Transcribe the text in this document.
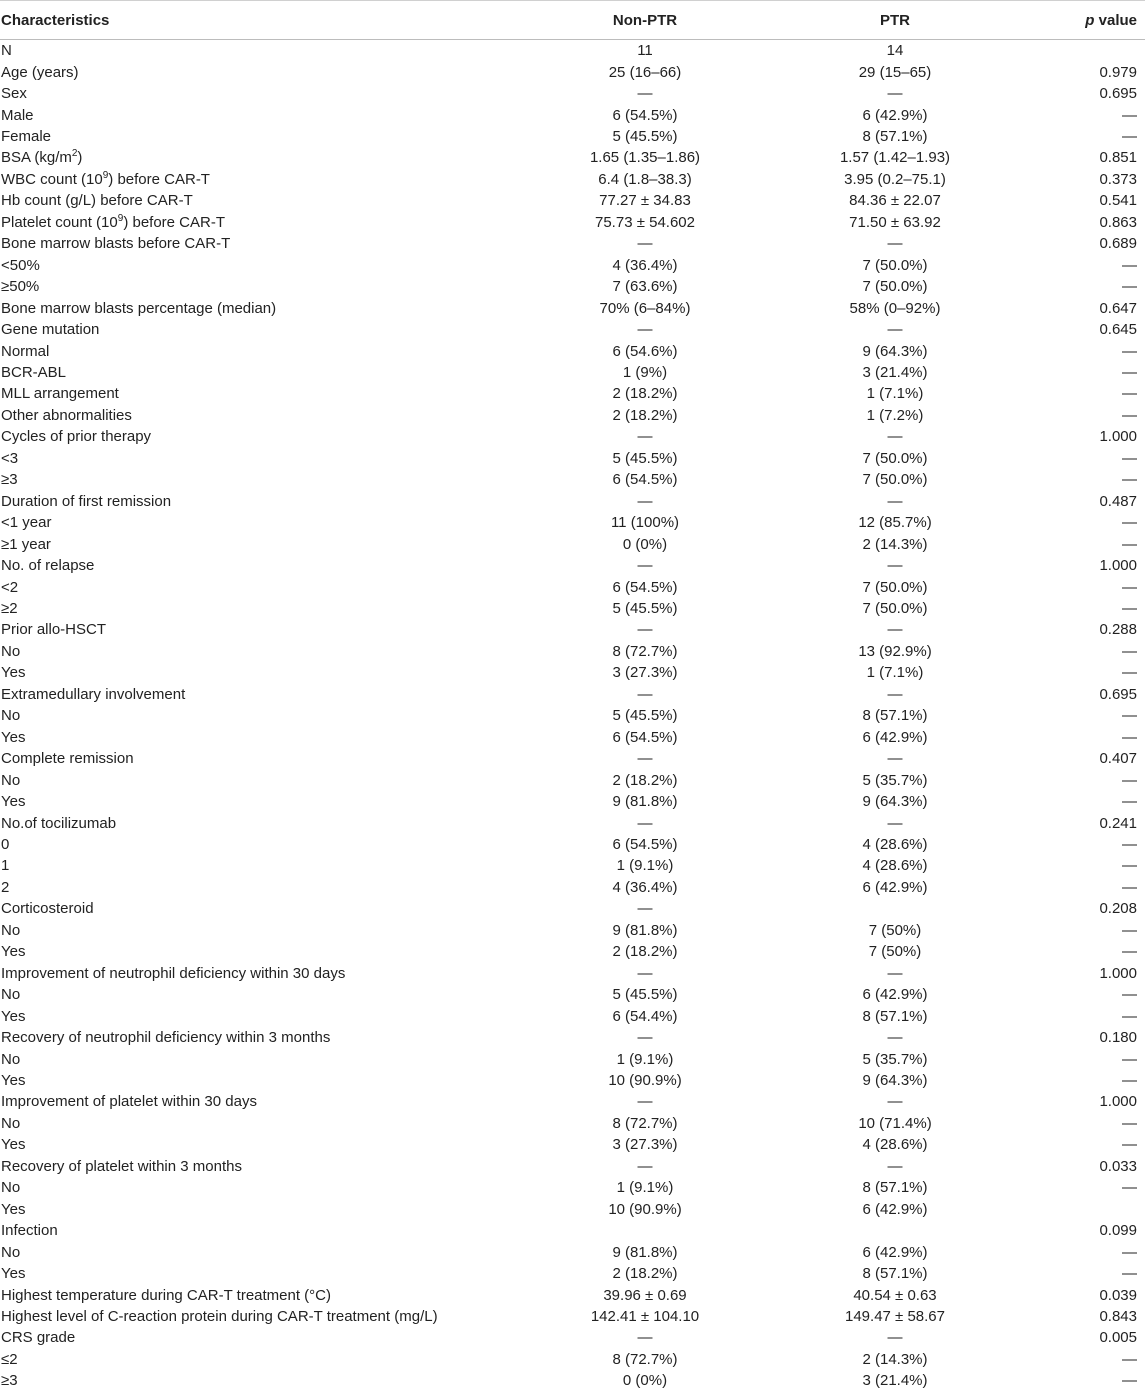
Characteristics	Non-PTR	PTR	p value
N	11	14	
Age (years)	25 (16–66)	29 (15–65)	0.979
Sex	—	—	0.695
Male	6 (54.5%)	6 (42.9%)	—
Female	5 (45.5%)	8 (57.1%)	—
BSA $(kg/m^2)$	1.65 (1.35–1.86)	1.57 (1.42–1.93)	0.851
WBC count $(10^9)$ before CAR-T	6.4 (1.8–38.3)	3.95 (0.2–75.1)	0.373
Hb count (g/L) before CAR-T	77.27 ± 34.83	84.36 ± 22.07	0.541
Platelet count $(10^9)$ before CAR-T	75.73 ± 54.602	71.50 ± 63.92	0.863
Bone marrow blasts before CAR-T	—	—	0.689
<50%	4 (36.4%)	7 (50.0%)	—
≥50%	7 (63.6%)	7 (50.0%)	—
Bone marrow blasts percentage (median)	70% (6–84%)	58% (0–92%)	0.647
Gene mutation	—	—	0.645
Normal	6 (54.6%)	9 (64.3%)	—
BCR-ABL	1 (9%)	3 (21.4%)	—
MLL arrangement	2 (18.2%)	1 (7.1%)	—
Other abnormalities	2 (18.2%)	1 (7.2%)	—
Cycles of prior therapy	—	—	1.000
<3	5 (45.5%)	7 (50.0%)	—
≥3	6 (54.5%)	7 (50.0%)	—
Duration of first remission	—	—	0.487
<1 year	11 (100%)	12 (85.7%)	—
≥1 year	0 (0%)	2 (14.3%)	—
No. of relapse	—	—	1.000
<2	6 (54.5%)	7 (50.0%)	—
≥2	5 (45.5%)	7 (50.0%)	—
Prior allo-HSCT	—	—	0.288
No	8 (72.7%)	13 (92.9%)	—
Yes	3 (27.3%)	1 (7.1%)	—
Extramedullary involvement	—	—	0.695
No	5 (45.5%)	8 (57.1%)	—
Yes	6 (54.5%)	6 (42.9%)	—
Complete remission	—	—	0.407
No	2 (18.2%)	5 (35.7%)	—
Yes	9 (81.8%)	9 (64.3%)	—
No.of tocilizumab	—	—	0.241
0	6 (54.5%)	4 (28.6%)	—
1	1 (9.1%)	4 (28.6%)	—
2	4 (36.4%)	6 (42.9%)	—
Corticosteroid	—		0.208
No	9 (81.8%)	7 (50%)	—
Yes	2 (18.2%)	7 (50%)	—
Improvement of neutrophil deficiency within 30 days	—	—	1.000
No	5 (45.5%)	6 (42.9%)	—
Yes	6 (54.4%)	8 (57.1%)	—
Recovery of neutrophil deficiency within 3 months	—	—	0.180
No	1 (9.1%)	5 (35.7%)	—
Yes	10 (90.9%)	9 (64.3%)	—
Improvement of platelet within 30 days	—	—	1.000
No	8 (72.7%)	10 (71.4%)	—
Yes	3 (27.3%)	4 (28.6%)	—
Recovery of platelet within 3 months	—	—	0.033
No	1 (9.1%)	8 (57.1%)	—
Yes	10 (90.9%)	6 (42.9%)	
Infection			0.099
No	9 (81.8%)	6 (42.9%)	—
Yes	2 (18.2%)	8 (57.1%)	—
Highest temperature during CAR-T treatment (°C)	39.96 ± 0.69	40.54 ± 0.63	0.039
Highest level of C-reaction protein during CAR-T treatment (mg/L)	142.41 ± 104.10	149.47 ± 58.67	0.843
CRS grade	—	—	0.005
≤2	8 (72.7%)	2 (14.3%)	—
≥3	0 (0%)	3 (21.4%)	—
